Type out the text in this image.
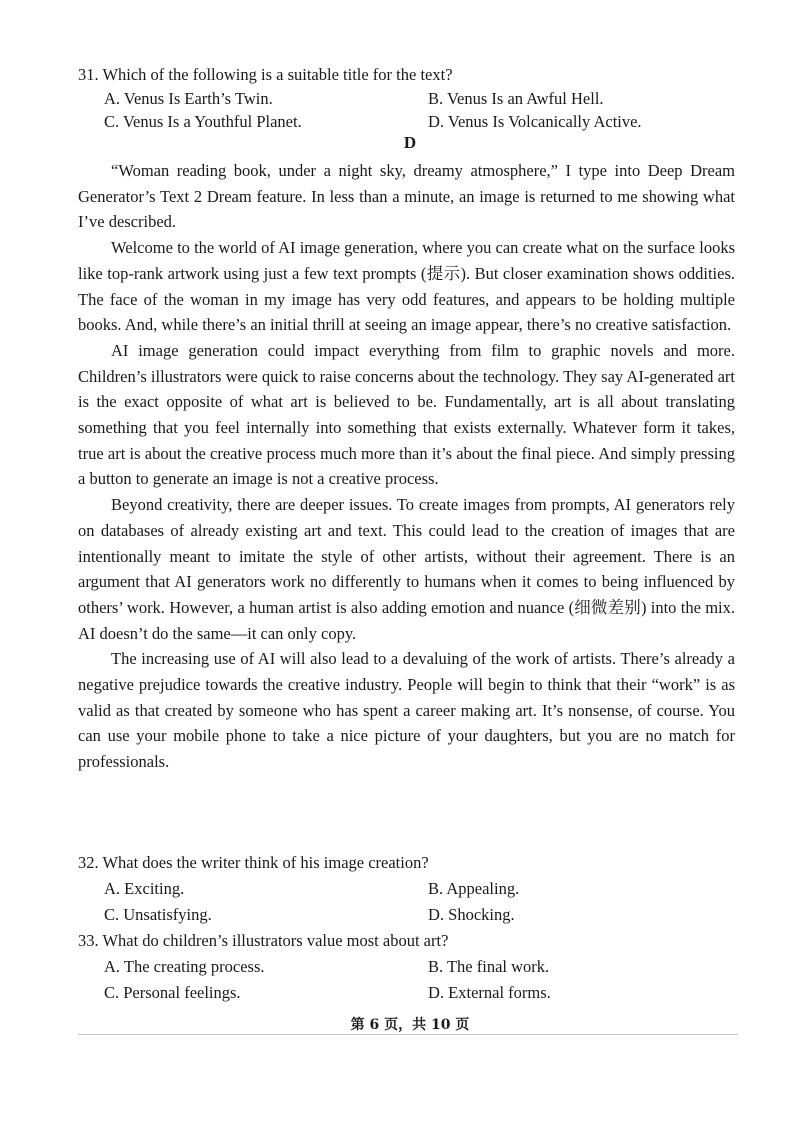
31. Which of the following is a suitable title for the text?
A. Venus Is Earth’s Twin.	B. Venus Is an Awful Hell.
C. Venus Is a Youthful Planet.	D. Venus Is Volcanically Active.
D

“Woman reading book, under a night sky, dreamy atmosphere,” I type into Deep Dream Generator’s Text 2 Dream feature. In less than a minute, an image is returned to me showing what I’ve described.

Welcome to the world of AI image generation, where you can create what on the surface looks like top-rank artwork using just a few text prompts (提示). But closer examination shows oddities. The face of the woman in my image has very odd features, and appears to be holding multiple books. And, while there’s an initial thrill at seeing an image appear, there’s no creative satisfaction.

AI image generation could impact everything from film to graphic novels and more. Children’s illustrators were quick to raise concerns about the technology. They say AI-generated art is the exact opposite of what art is believed to be. Fundamentally, art is all about translating something that you feel internally into something that exists externally. Whatever form it takes, true art is about the creative process much more than it’s about the final piece. And simply pressing a button to generate an image is not a creative process.

Beyond creativity, there are deeper issues. To create images from prompts, AI generators rely on databases of already existing art and text. This could lead to the creation of images that are intentionally meant to imitate the style of other artists, without their agreement. There is an argument that AI generators work no differently to humans when it comes to being influenced by others’ work. However, a human artist is also adding emotion and nuance (细微差别) into the mix. AI doesn’t do the same—it can only copy.

The increasing use of AI will also lead to a devaluing of the work of artists. There’s already a negative prejudice towards the creative industry. People will begin to think that their “work” is as valid as that created by someone who has spent a career making art. It’s nonsense, of course. You can use your mobile phone to take a nice picture of your daughters, but you are no match for professionals.

32. What does the writer think of his image creation?
A. Exciting.	B. Appealing.
C. Unsatisfying.	D. Shocking.
33. What do children’s illustrators value most about art?
A. The creating process.	B. The final work.
C. Personal feelings.	D. External forms.
第 6 页，共 10 页
